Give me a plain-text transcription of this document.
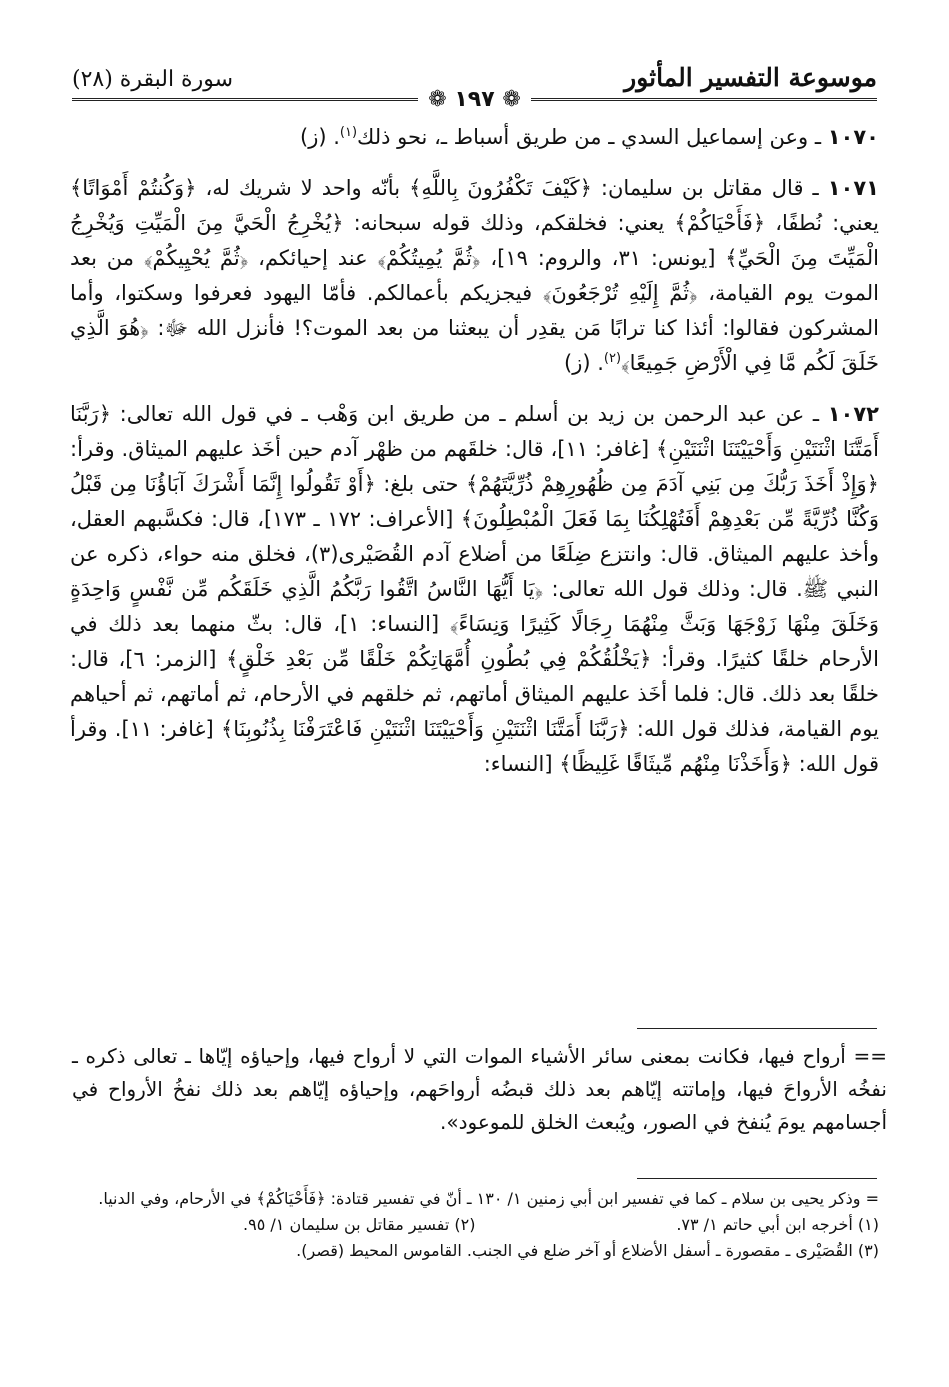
موسوعة التفسير المأثور
سورة البقرة (٢٨)
❁ ١٩٧ ❁

١٠٧٠ ـ وعن إسماعيل السدي ـ من طريق أسباط ـ، نحو ذلك$^{(١)}$. (ز)

١٠٧١ ـ قال مقاتل بن سليمان: ﴿كَيْفَ تَكْفُرُونَ بِاللَّهِ﴾ بأنّه واحد لا شريك له، ﴿وَكُنتُمْ أَمْوَاتًا﴾ يعني: نُطفًا، ﴿فَأَحْيَاكُمْ﴾ يعني: فخلقكم، وذلك قوله سبحانه: ﴿يُخْرِجُ الْحَيَّ مِنَ الْمَيِّتِ وَيُخْرِجُ الْمَيِّتَ مِنَ الْحَيِّ﴾ [يونس: ٣١، والروم: ١٩]، ﴿ثُمَّ يُمِيتُكُمْ﴾ عند إحيائكم، ﴿ثُمَّ يُحْيِيكُمْ﴾ من بعد الموت يوم القيامة، ﴿ثُمَّ إِلَيْهِ تُرْجَعُونَ﴾ فيجزيكم بأعمالكم. فأمّا اليهود فعرفوا وسكتوا، وأما المشركون فقالوا: أئذا كنا ترابًا مَن يقدِر أن يبعثنا من بعد الموت؟! فأنزل الله ﷻ: ﴿هُوَ الَّذِي خَلَقَ لَكُم مَّا فِي الْأَرْضِ جَمِيعًا﴾$^{(٢)}$. (ز)

١٠٧٢ ـ عن عبد الرحمن بن زيد بن أسلم ـ من طريق ابن وَهْب ـ في قول الله تعالى: ﴿رَبَّنَا أَمَتَّنَا اثْنَتَيْنِ وَأَحْيَيْتَنَا اثْنَتَيْنِ﴾ [غافر: ١١]، قال: خلقَهم من ظهْر آدم حين أخَذ عليهم الميثاق. وقرأ: ﴿وَإِذْ أَخَذَ رَبُّكَ مِن بَنِي آدَمَ مِن ظُهُورِهِمْ ذُرِّيَّتَهُمْ﴾ حتى بلغ: ﴿أَوْ تَقُولُوا إِنَّمَا أَشْرَكَ آبَاؤُنَا مِن قَبْلُ وَكُنَّا ذُرِّيَّةً مِّن بَعْدِهِمْ أَفَتُهْلِكُنَا بِمَا فَعَلَ الْمُبْطِلُونَ﴾ [الأعراف: ١٧٢ ـ ١٧٣]، قال: فكسَّبهم العقل، وأخذ عليهم الميثاق. قال: وانتزع ضِلَعًا من أضلاع آدم القُصَيْرى(٣)، فخلق منه حواء، ذكره عن النبي ﷺ. قال: وذلك قول الله تعالى: ﴿يَا أَيُّهَا النَّاسُ اتَّقُوا رَبَّكُمُ الَّذِي خَلَقَكُم مِّن نَّفْسٍ وَاحِدَةٍ وَخَلَقَ مِنْهَا زَوْجَهَا وَبَثَّ مِنْهُمَا رِجَالًا كَثِيرًا وَنِسَاءً﴾ [النساء: ١]، قال: بثّ منهما بعد ذلك في الأرحام خلقًا كثيرًا. وقرأ: ﴿يَخْلُقُكُمْ فِي بُطُونِ أُمَّهَاتِكُمْ خَلْقًا مِّن بَعْدِ خَلْقٍ﴾ [الزمر: ٦]، قال: خلقًا بعد ذلك. قال: فلما أخَذ عليهم الميثاق أماتهم، ثم خلقهم في الأرحام، ثم أماتهم، ثم أحياهم يوم القيامة، فذلك قول الله: ﴿رَبَّنَا أَمَتَّنَا اثْنَتَيْنِ وَأَحْيَيْتَنَا اثْنَتَيْنِ فَاعْتَرَفْنَا بِذُنُوبِنَا﴾ [غافر: ١١]. وقرأ قول الله: ﴿وَأَخَذْنَا مِنْهُم مِّيثَاقًا غَلِيظًا﴾ [النساء:

== أرواح فيها، فكانت بمعنى سائر الأشياء الموات التي لا أرواح فيها، وإحياؤه إيّاها ـ تعالى ذكره ـ نفخُه الأرواحَ فيها، وإماتته إيّاهم بعد ذلك قبضُه أرواحَهم، وإحياؤه إيّاهم بعد ذلك نفخُ الأرواح في أجسامهم يومَ يُنفخ في الصور، ويُبعث الخلق للموعود».

= وذكر يحيى بن سلام ـ كما في تفسير ابن أبي زمنين ١/ ١٣٠ ـ أنّ في تفسير قتادة: ﴿فَأَحْيَاكُمْ﴾ في الأرحام، وفي الدنيا.

(١) أخرجه ابن أبي حاتم ١/ ٧٣.
(٢) تفسير مقاتل بن سليمان ١/ ٩٥.

(٣) القُصَيْرى ـ مقصورة ـ أسفل الأضلاع أو آخر ضلع في الجنب. القاموس المحيط (قصر).
